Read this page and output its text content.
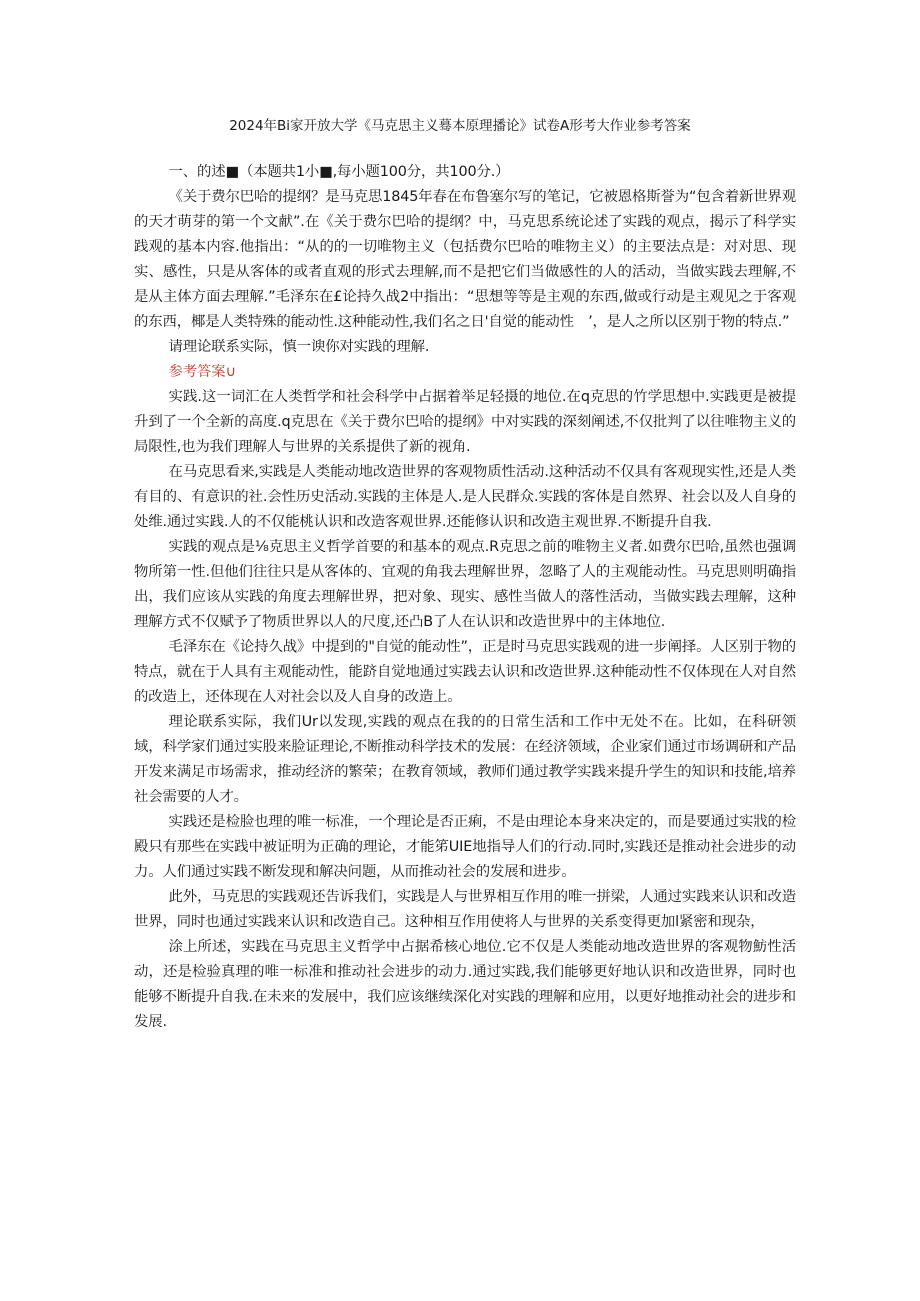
2024年Bi家开放大学《马克思主义蓦本原理播论》试卷A形考大作业参考答案

一、的述■（本题共1小■,每小题100分，共100分.）

《关于费尔巴哈的提纲？是马克思1845年春在布鲁塞尔写的笔记，它被恩格斯誉为“包含着新世界观的天才萌芽的第一个文献”.在《关于费尔巴哈的提纲？中，马克思系统论述了实践的观点，揭示了科学实践观的基本内容.他指出：“从的的一切唯物主义（包括费尔巴哈的唯物主义）的主要法点是：对对思、现实、感性，只是从客体的或者直观的形式去理解,而不是把它们当做感性的人的活动，当做实践去理解,不是从主体方面去理解.”毛泽东在£论持久战2中指出：“思想等等是主观的东西,做或行动是主观见之于客观的东西，椰是人类特殊的能动性.这种能动性,我们名之日'自觉的能动性　’，是人之所以区别于物的特点.”

请理论联系实际，慎一谀你对实践的理解.

参考答案∪

实践.这一词汇在人类哲学和社会科学中占据着举足轻摄的地位.在q克思的竹学思想中.实践更是被提升到了一个全新的高度.q克思在《关于费尔巴哈的提纲》中对实践的深刻阐述,不仅批判了以往唯物主义的局限性,也为我们理解人与世界的关系提供了新的视角.

在马克思看来,实践是人类能动地改造世界的客观物质性活动.这种活动不仅具有客观现实性,还是人类有目的、有意识的社.会性历史活动.实践的主体是人.是人民群众.实践的客体是自然界、社会以及人自身的处维.通过实践.人的不仅能桃认识和改造客观世界.还能修认识和改造主观世界.不断提升自我.

实践的观点是⅛克思主义哲学首要的和基本的观点.R克思之前的唯物主义者.如费尔巴哈,虽然也强调物所第一性.但他们往往只是从客体的、宜观的角我去理解世界，忽略了人的主观能动性。马克思则明确指出，我们应该从实践的角度去理解世界，把对象、现实、感性当做人的落性活动，当做实践去理解，这种理解方式不仅赋予了物质世界以人的尺度,还凸B了人在认识和改造世界中的主体地位.

毛泽东在《论持久战》中提到的"自觉的能动性”，正是时马克思实践观的进一步阐择。人区别于物的特点，就在于人具有主观能动性，能跻自觉地通过实践去认识和改造世界.这种能动性不仅体现在人对自然的改造上，还体现在人对社会以及人自身的改造上。

理论联系实际，我们Ur以发现,实践的观点在我的的日常生活和工作中无处不在。比如，在科研领域，科学家们通过实股来脸证理论,不断推动科学技术的发展：在经济领域，企业家们通过市场调研和产品开发来满足市场需求，推动经济的繁荣；在教育领域，教师们通过教学实践来提升学生的知识和技能,培养社会需要的人才。

实践还是检脸也理的唯一标准，一个理论是否正痢，不是由理论本身来决定的，而是要通过实戕的检殿只有那些在实践中被证明为正确的理论，才能笫UIE地指导人们的行动.同时,实践还是推动社会进步的动力。人们通过实践不断发现和解决问题，从而推动社会的发展和进步。

此外，马克思的实践观还告诉我们，实践是人与世界相互作用的唯一拼梁，人通过实践来认识和改造世界，同时也通过实践来认识和改造自己。这种相互作用使将人与世界的关系变得更加l紧密和现杂，

涂上所述，实践在马克思主义哲学中占据希核心地位.它不仅是人类能动地改造世界的客观物魴性活动，还是检验真理的唯一标准和推动社会进步的动力.通过实践,我们能够更好地认识和改造世界，同时也能够不断提升自我.在未来的发展中，我们应该继续深化对实践的理解和应用，以更好地推动社会的进步和发展.
